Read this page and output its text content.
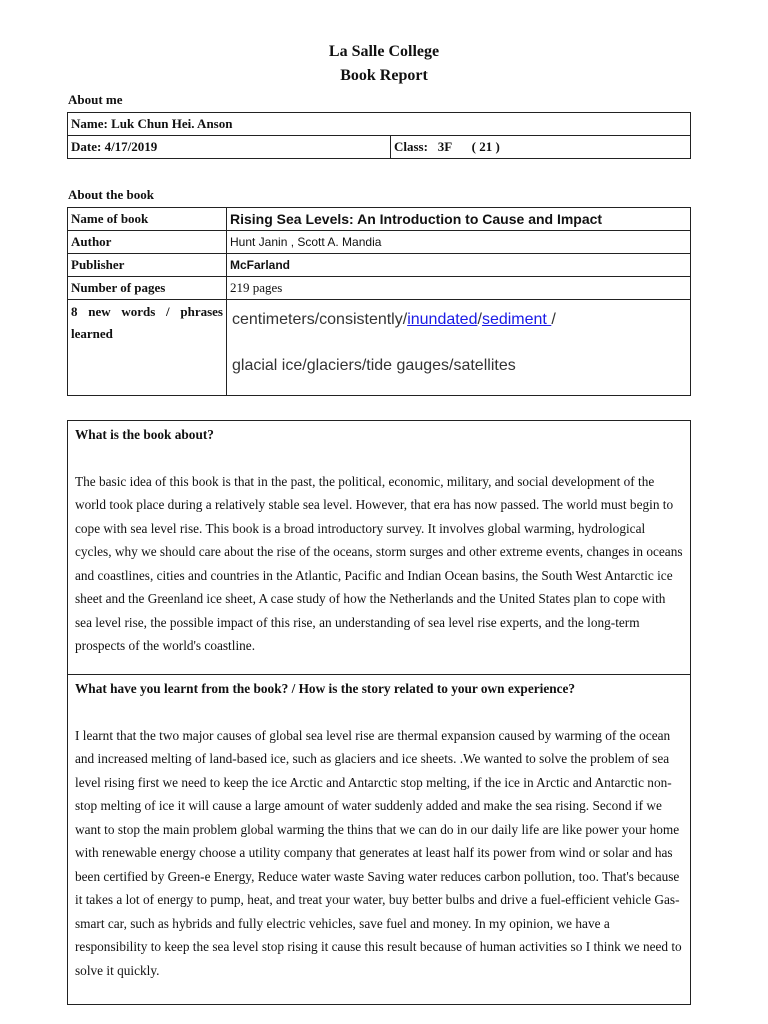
La Salle College
Book Report
About me
Name: Luk Chun Hei. Anson
Date: 4/17/2019	Class: 3F ( 21 )
About the book
Name of book	Rising Sea Levels: An Introduction to Cause and Impact
Author	Hunt Janin , Scott A. Mandia
Publisher	McFarland
Number of pages	219 pages
8 new words / phrases learned	centimeters/consistently/inundated/sediment /
glacial ice/glaciers/tide gauges/satellites
What is the book about?
The basic idea of this book is that in the past, the political, economic, military, and social development of the world took place during a relatively stable sea level. However, that era has now passed. The world must begin to cope with sea level rise. This book is a broad introductory survey. It involves global warming, hydrological cycles, why we should care about the rise of the oceans, storm surges and other extreme events, changes in oceans and coastlines, cities and countries in the Atlantic, Pacific and Indian Ocean basins, the South West Antarctic ice sheet and the Greenland ice sheet, A case study of how the Netherlands and the United States plan to cope with sea level rise, the possible impact of this rise, an understanding of sea level rise experts, and the long-term prospects of the world's coastline.

What have you learnt from the book? / How is the story related to your own experience?
I learnt that the two major causes of global sea level rise are thermal expansion caused by warming of the ocean and increased melting of land-based ice, such as glaciers and ice sheets. .We wanted to solve the problem of sea level rising first we need to keep the ice Arctic and Antarctic stop melting, if the ice in Arctic and Antarctic non-stop melting of ice it will cause a large amount of water suddenly added and make the sea rising. Second if we want to stop the main problem global warming the thins that we can do in our daily life are like power your home with renewable energy choose a utility company that generates at least half its power from wind or solar and has been certified by Green-e Energy, Reduce water waste Saving water reduces carbon pollution, too. That's because it takes a lot of energy to pump, heat, and treat your water, buy better bulbs and drive a fuel-efficient vehicle Gas-smart car, such as hybrids and fully electric vehicles, save fuel and money. In my opinion, we have a responsibility to keep the sea level stop rising it cause this result because of human activities so I think we need to solve it quickly.
